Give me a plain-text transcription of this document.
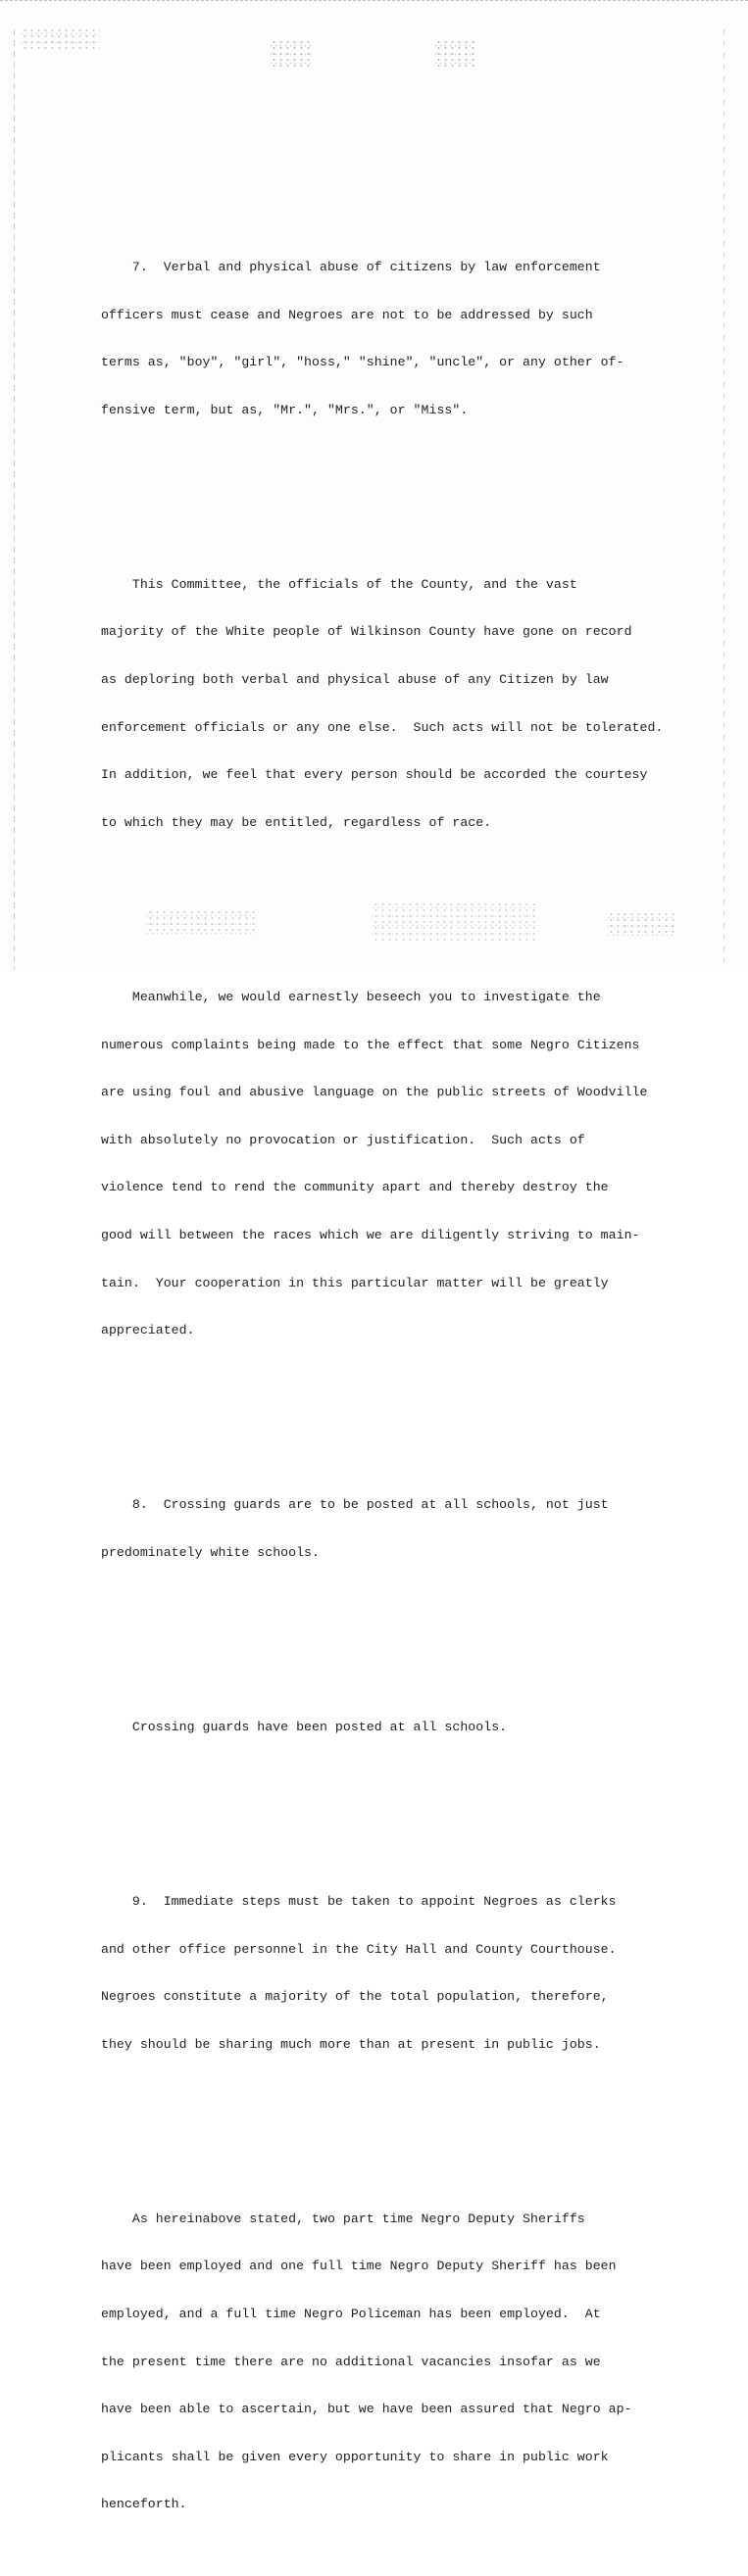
7.  Verbal and physical abuse of citizens by law enforcement

officers must cease and Negroes are not to be addressed by such

terms as, "boy", "girl", "hoss," "shine", "uncle", or any other of-

fensive term, but as, "Mr.", "Mrs.", or "Miss".

This Committee, the officials of the County, and the vast

majority of the White people of Wilkinson County have gone on record

as deploring both verbal and physical abuse of any Citizen by law

enforcement officials or any one else.  Such acts will not be tolerated.

In addition, we feel that every person should be accorded the courtesy

to which they may be entitled, regardless of race.

Meanwhile, we would earnestly beseech you to investigate the

numerous complaints being made to the effect that some Negro Citizens

are using foul and abusive language on the public streets of Woodville

with absolutely no provocation or justification.  Such acts of

violence tend to rend the community apart and thereby destroy the

good will between the races which we are diligently striving to main-

tain.  Your cooperation in this particular matter will be greatly

appreciated.

8.  Crossing guards are to be posted at all schools, not just

predominately white schools.

Crossing guards have been posted at all schools.

9.  Immediate steps must be taken to appoint Negroes as clerks

and other office personnel in the City Hall and County Courthouse.

Negroes constitute a majority of the total population, therefore,

they should be sharing much more than at present in public jobs.

As hereinabove stated, two part time Negro Deputy Sheriffs

have been employed and one full time Negro Deputy Sheriff has been

employed, and a full time Negro Policeman has been employed.  At

the present time there are no additional vacancies insofar as we

have been able to ascertain, but we have been assured that Negro ap-

plicants shall be given every opportunity to share in public work

henceforth.
